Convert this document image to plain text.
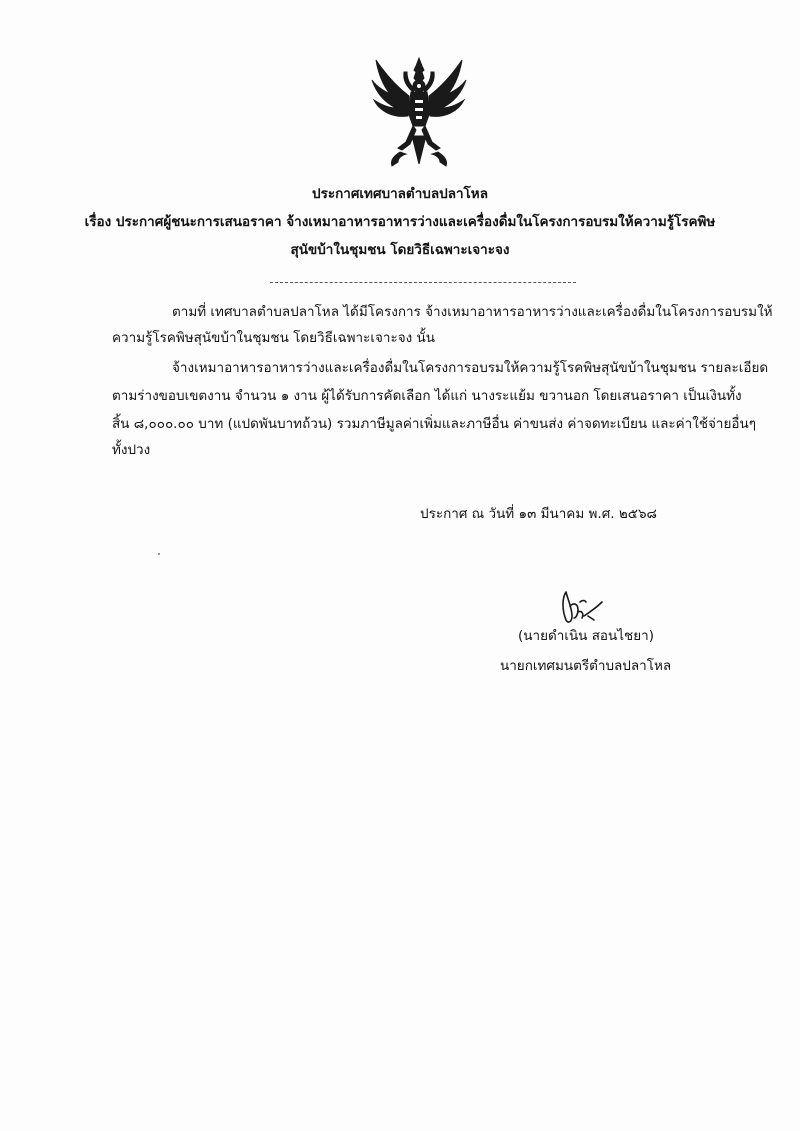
ประกาศเทศบาลตำบลปลาโหล
เรื่อง ประกาศผู้ชนะการเสนอราคา จ้างเหมาอาหารอาหารว่างและเครื่องดื่มในโครงการอบรมให้ความรู้โรคพิษ
สุนัขบ้าในชุมชน โดยวิธีเฉพาะเจาะจง
ตามที่ เทศบาลตำบลปลาโหล ได้มีโครงการ จ้างเหมาอาหารอาหารว่างและเครื่องดื่มในโครงการอบรมให้
ความรู้โรคพิษสุนัขบ้าในชุมชน โดยวิธีเฉพาะเจาะจง นั้น
จ้างเหมาอาหารอาหารว่างและเครื่องดื่มในโครงการอบรมให้ความรู้โรคพิษสุนัขบ้าในชุมชน รายละเอียด
ตามร่างขอบเขตงาน จำนวน ๑ งาน ผู้ได้รับการคัดเลือก ได้แก่ นางระแย้ม ขวานอก โดยเสนอราคา เป็นเงินทั้ง
สิ้น ๘,๐๐๐.๐๐ บาท (แปดพันบาทถ้วน) รวมภาษีมูลค่าเพิ่มและภาษีอื่น ค่าขนส่ง ค่าจดทะเบียน และค่าใช้จ่ายอื่นๆ
ทั้งปวง
ประกาศ ณ วันที่ ๑๓ มีนาคม พ.ศ. ๒๕๖๘
(นายดำเนิน สอนไชยา)
นายกเทศมนตรีตำบลปลาโหล
